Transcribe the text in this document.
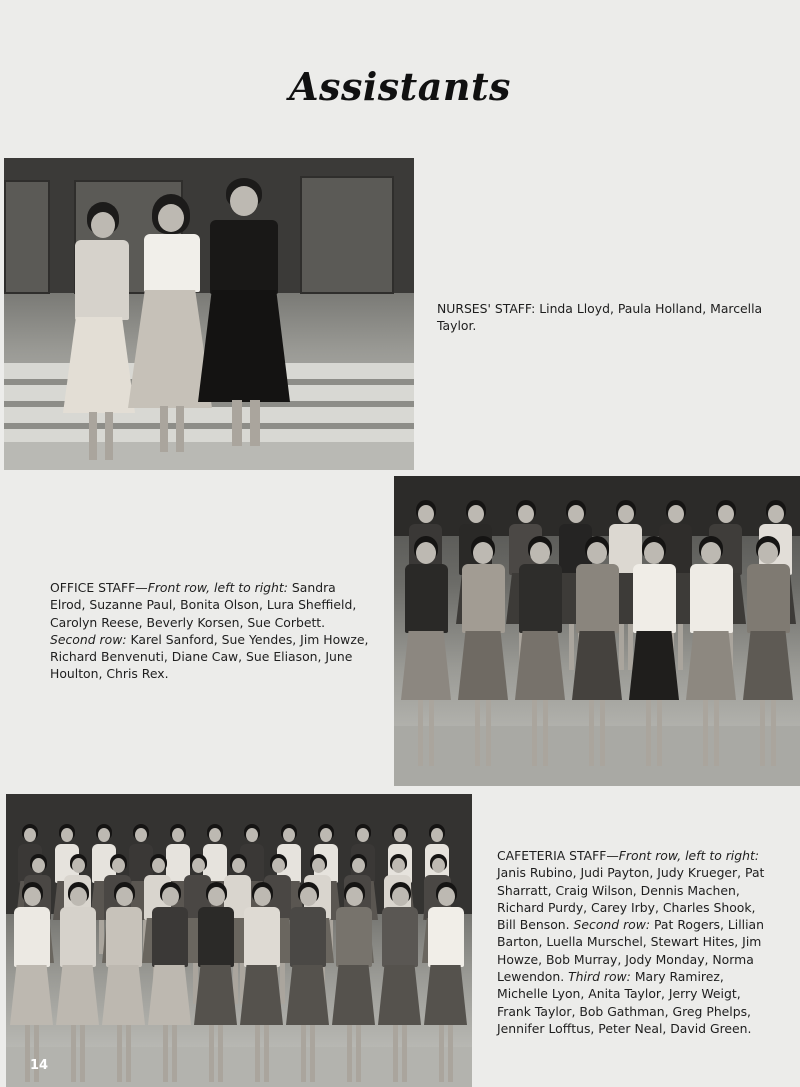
Assistants
NURSES' STAFF: Linda Lloyd, Paula Holland, Marcella Taylor.
OFFICE STAFF—Front row, left to right: Sandra Elrod, Suzanne Paul, Bonita Olson, Lura Sheffield, Carolyn Reese, Beverly Korsen, Sue Corbett. Second row: Karel Sanford, Sue Yendes, Jim Howze, Richard Benvenuti, Diane Caw, Sue Eliason, June Houlton, Chris Rex.
14
CAFETERIA STAFF—Front row, left to right: Janis Rubino, Judi Payton, Judy Krueger, Pat Sharratt, Craig Wilson, Dennis Machen, Richard Purdy, Carey Irby, Charles Shook, Bill Benson. Second row: Pat Rogers, Lillian Barton, Luella Murschel, Stewart Hites, Jim Howze, Bob Murray, Jody Monday, Norma Lewendon. Third row: Mary Ramirez, Michelle Lyon, Anita Taylor, Jerry Weigt, Frank Taylor, Bob Gathman, Greg Phelps, Jennifer Lofftus, Peter Neal, David Green.
